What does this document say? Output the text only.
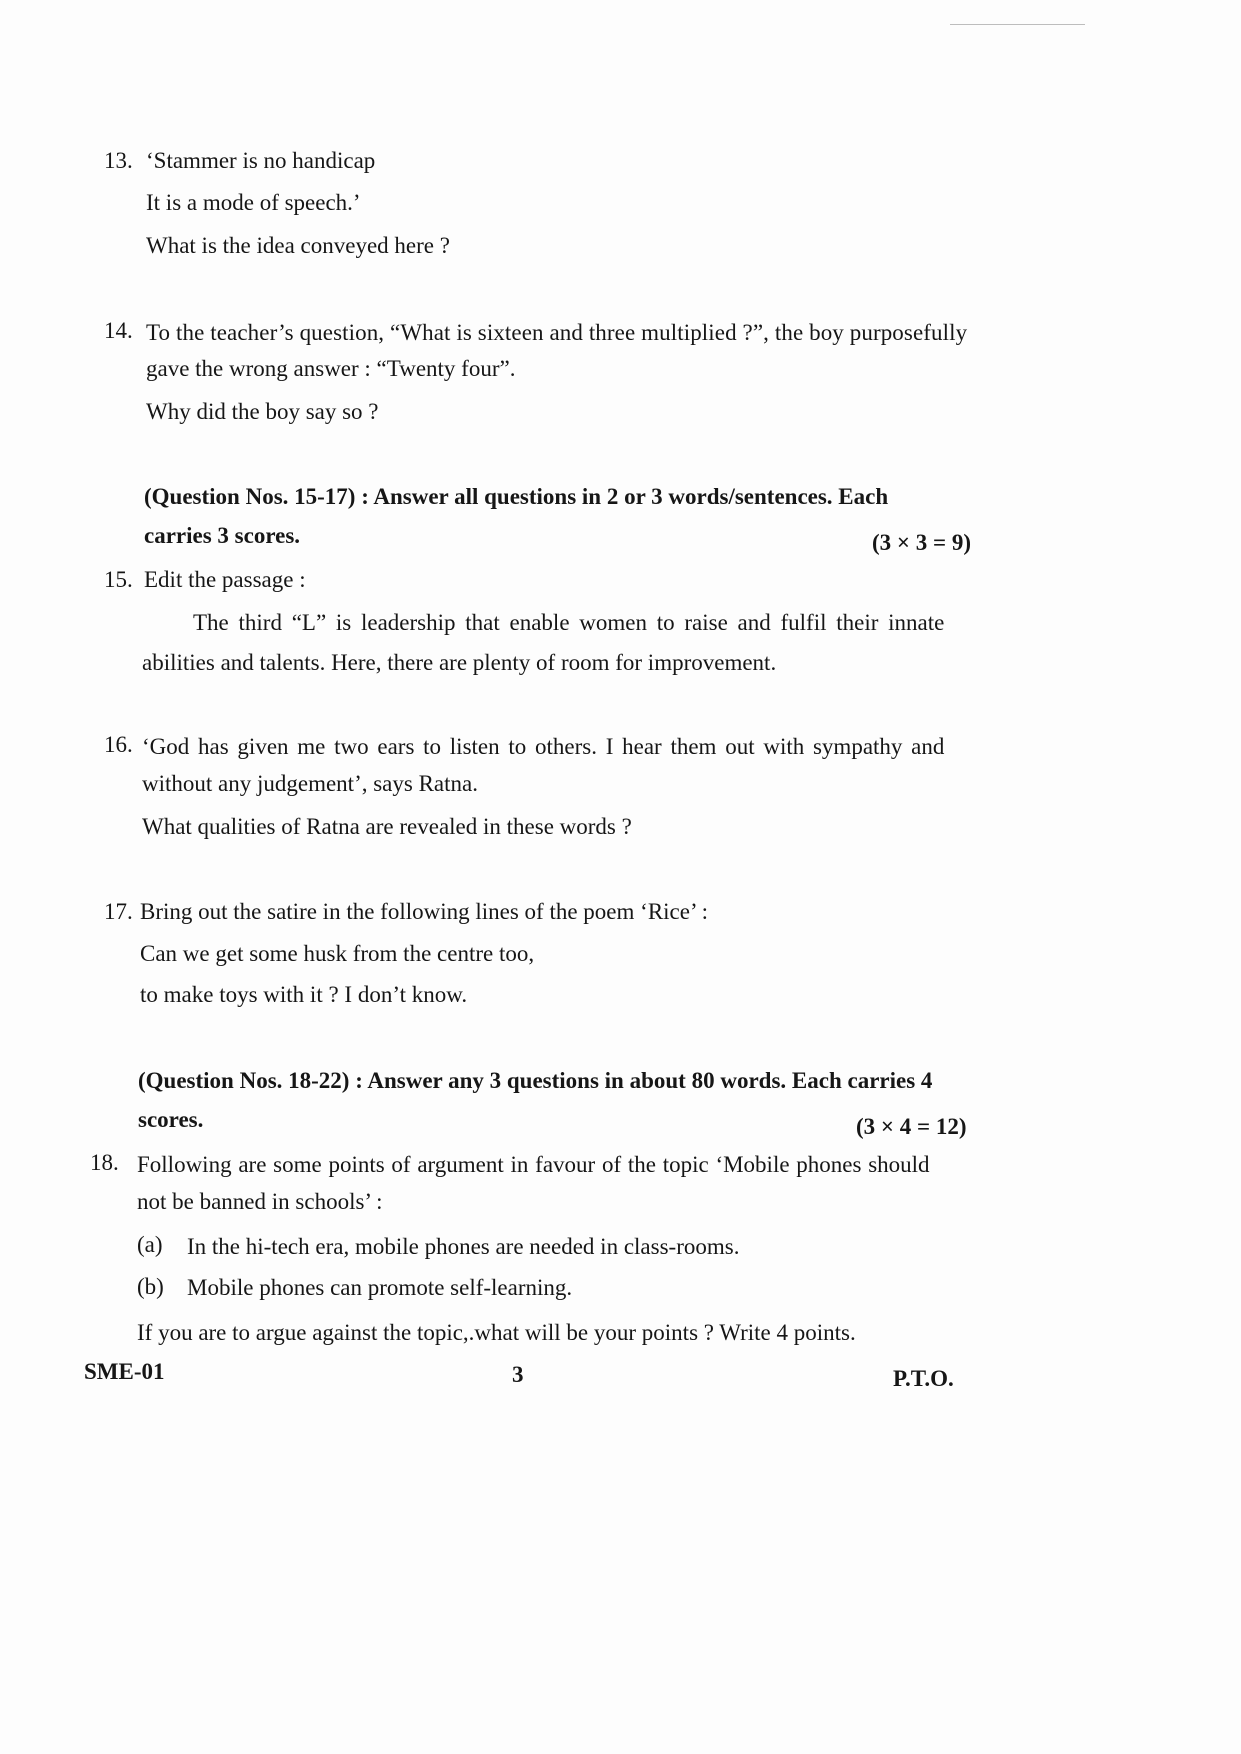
13. ‘Stammer is no handicap
It is a mode of speech.’
What is the idea conveyed here ?
14. To the teacher’s question, “What is sixteen and three multiplied ?”, the boy purposefully
gave the wrong answer : “Twenty four”.
Why did the boy say so ?
(Question Nos. 15-17) : Answer all questions in 2 or 3 words/sentences. Each
carries 3 scores.	(3 × 3 = 9)
15. Edit the passage :
The third “L” is leadership that enable women to raise and fulfil their innate
abilities and talents. Here, there are plenty of room for improvement.
16. ‘God has given me two ears to listen to others. I hear them out with sympathy and
without any judgement’, says Ratna.
What qualities of Ratna are revealed in these words ?
17. Bring out the satire in the following lines of the poem ‘Rice’ :
Can we get some husk from the centre too,
to make toys with it ? I don’t know.
(Question Nos. 18-22) : Answer any 3 questions in about 80 words. Each carries 4
scores.	(3 × 4 = 12)
18. Following are some points of argument in favour of the topic ‘Mobile phones should
not be banned in schools’ :
(a) In the hi-tech era, mobile phones are needed in class-rooms.
(b) Mobile phones can promote self-learning.
If you are to argue against the topic,.what will be your points ? Write 4 points.
SME-01	3	P.T.O.
